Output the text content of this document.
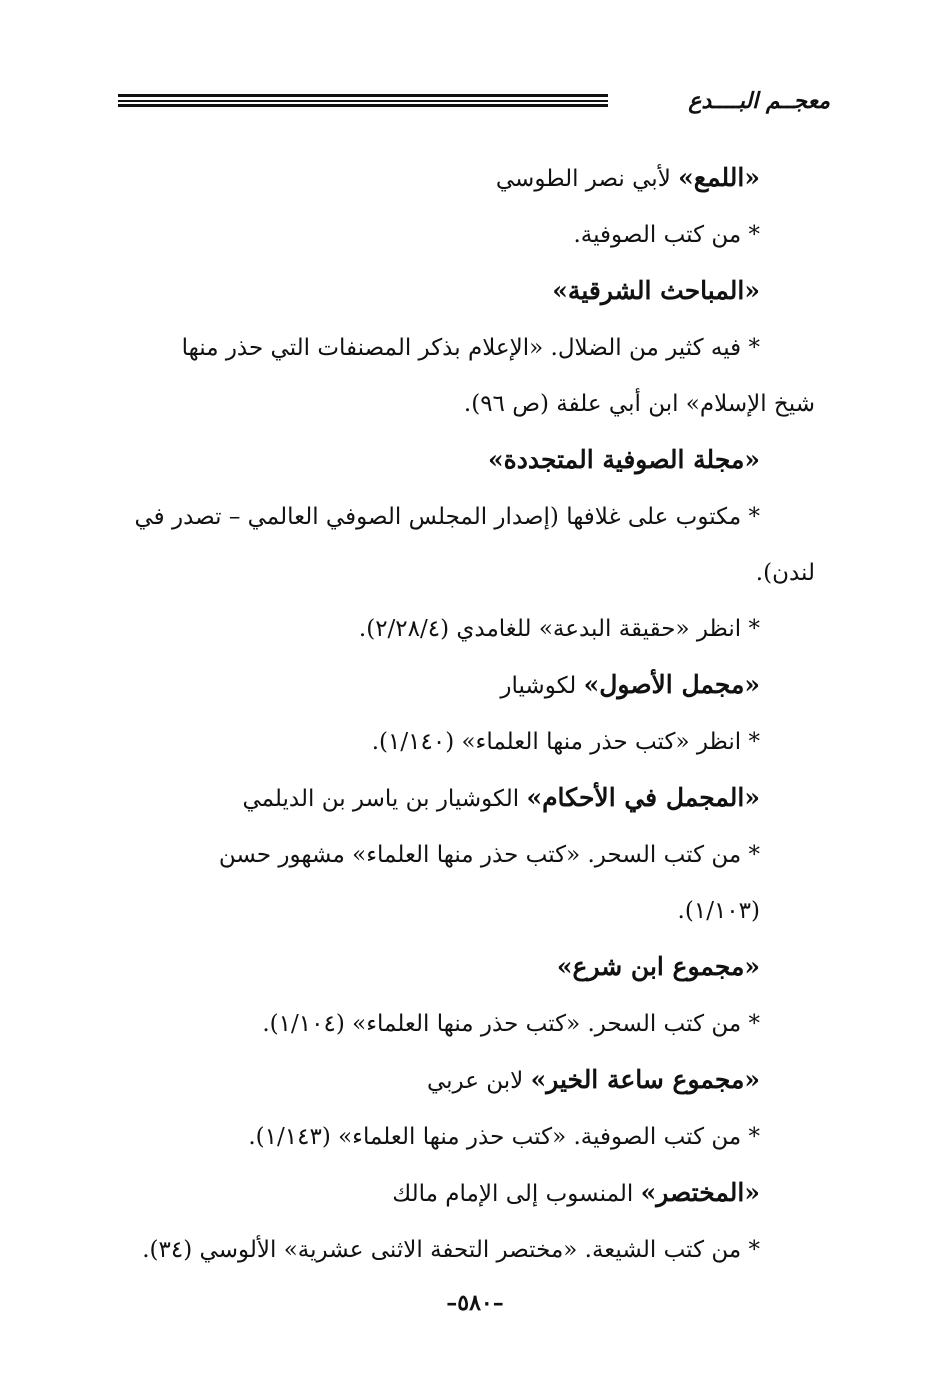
معجــم البــــدع
«اللمع» لأبي نصر الطوسي
* من كتب الصوفية.
«المباحث الشرقية»
* فيه كثير من الضلال. «الإعلام بذكر المصنفات التي حذر منها
شيخ الإسلام» ابن أبي علفة (ص ٩٦).
«مجلة الصوفية المتجددة»
* مكتوب على غلافها (إصدار المجلس الصوفي العالمي – تصدر في
لندن).
* انظر «حقيقة البدعة» للغامدي (٢/٢٨/٤).
«مجمل الأصول» لكوشيار
* انظر «كتب حذر منها العلماء» (١/١٤٠).
«المجمل في الأحكام» الكوشيار بن ياسر بن الديلمي
* من كتب السحر. «كتب حذر منها العلماء» مشهور حسن
(١/١٠٣).
«مجموع ابن شرع»
* من كتب السحر. «كتب حذر منها العلماء» (١/١٠٤).
«مجموع ساعة الخير» لابن عربي
* من كتب الصوفية. «كتب حذر منها العلماء» (١/١٤٣).
«المختصر» المنسوب إلى الإمام مالك
* من كتب الشيعة. «مختصر التحفة الاثنى عشرية» الألوسي (٣٤).
–٥٨٠–
